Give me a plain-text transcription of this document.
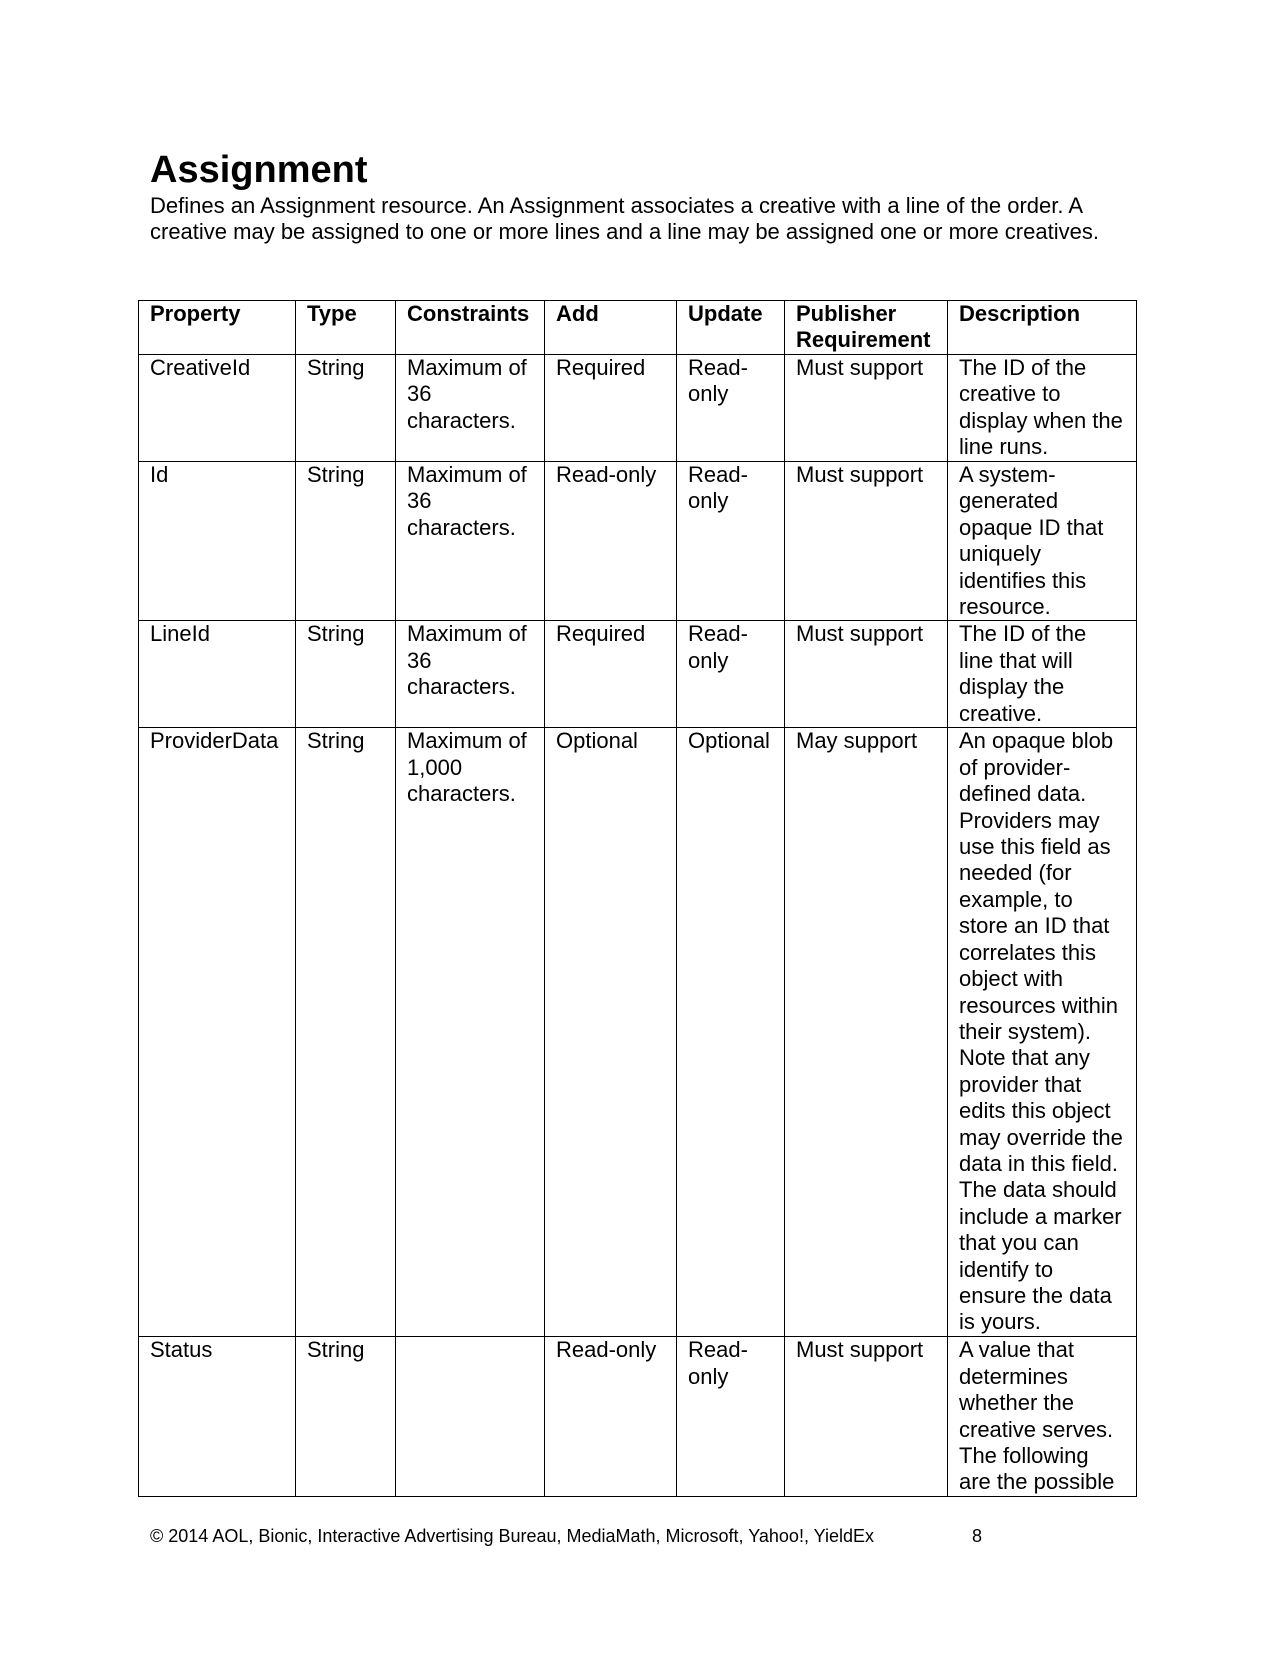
Assignment

Defines an Assignment resource. An Assignment associates a creative with a line of the order. A creative may be assigned to one or more lines and a line may be assigned one or more creatives.

Property	Type	Constraints	Add	Update	Publisher Requirement	Description
CreativeId	String	Maximum of 36 characters.	Required	Read-only	Must support	The ID of the creative to display when the line runs.
Id	String	Maximum of 36 characters.	Read-only	Read-only	Must support	A system-generated opaque ID that uniquely identifies this resource.
LineId	String	Maximum of 36 characters.	Required	Read-only	Must support	The ID of the line that will display the creative.
ProviderData	String	Maximum of 1,000 characters.	Optional	Optional	May support	An opaque blob of provider-defined data. Providers may use this field as needed (for example, to store an ID that correlates this object with resources within their system). Note that any provider that edits this object may override the data in this field. The data should include a marker that you can identify to ensure the data is yours.
Status	String		Read-only	Read-only	Must support	A value that determines whether the creative serves. The following are the possible
© 2014 AOL, Bionic, Interactive Advertising Bureau, MediaMath, Microsoft, Yahoo!, YieldEx	8
